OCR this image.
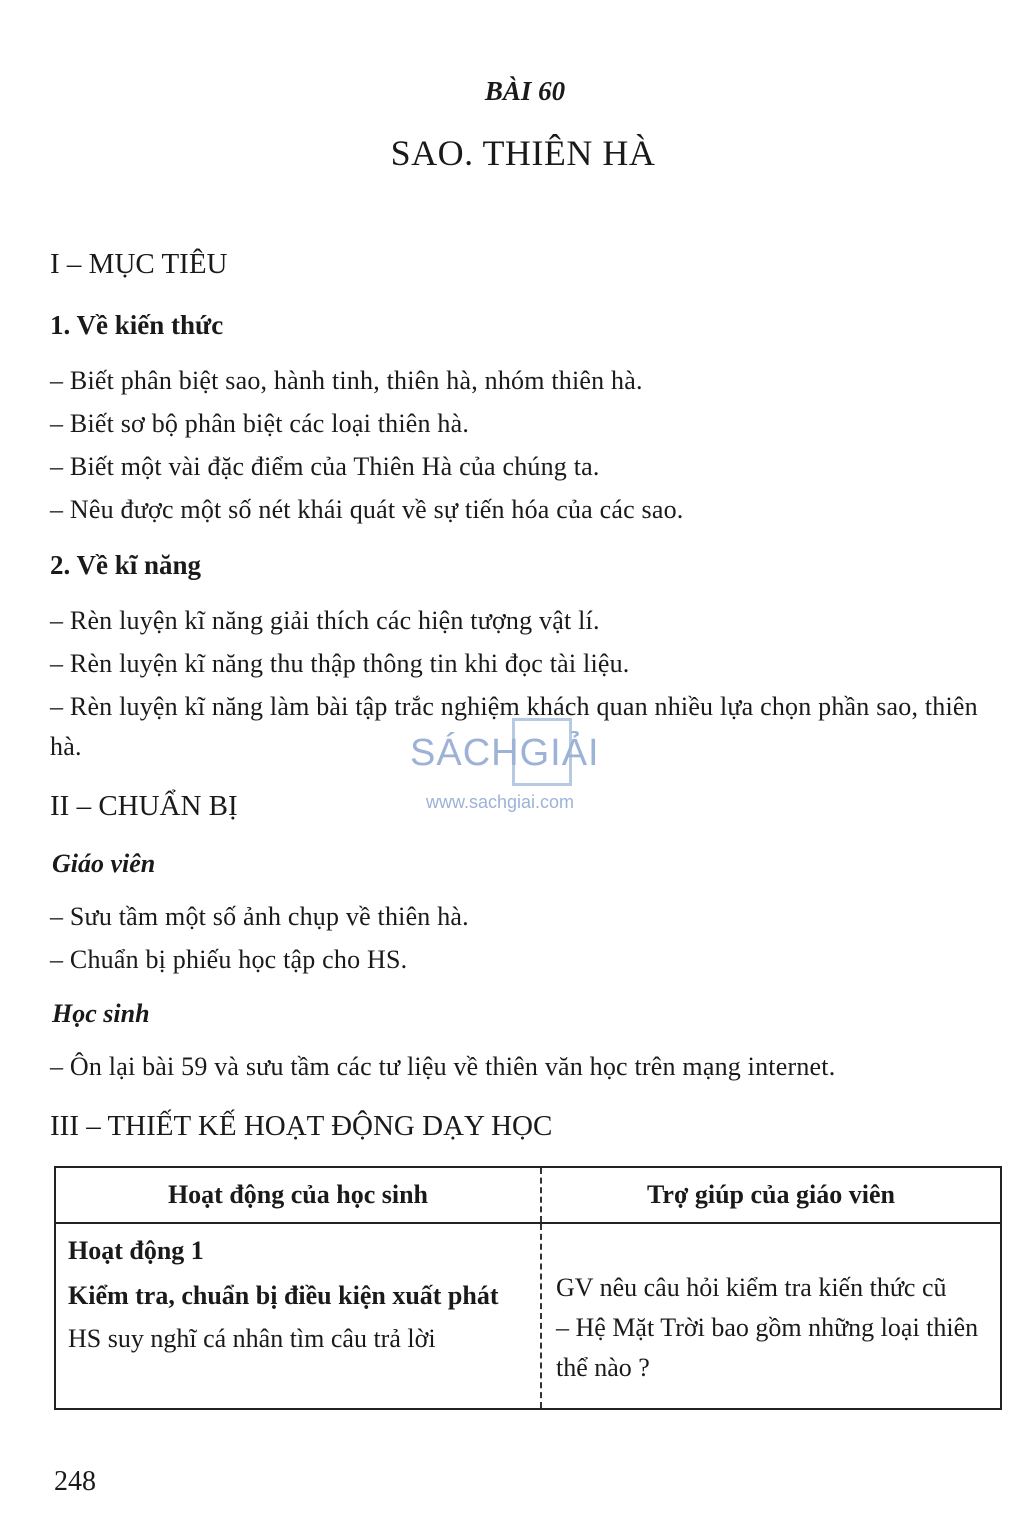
BÀI 60
SAO. THIÊN HÀ
I – MỤC TIÊU
1. Về kiến thức
– Biết phân biệt sao, hành tinh, thiên hà, nhóm thiên hà.
– Biết sơ bộ phân biệt các loại thiên hà.
– Biết một vài đặc điểm của Thiên Hà của chúng ta.
– Nêu được một số nét khái quát về sự tiến hóa của các sao.
2. Về kĩ năng
– Rèn luyện kĩ năng giải thích các hiện tượng vật lí.
– Rèn luyện kĩ năng thu thập thông tin khi đọc tài liệu.
– Rèn luyện kĩ năng làm bài tập trắc nghiệm khách quan nhiều lựa chọn phần sao, thiên hà.	SÁCHGIẢI
www.sachgiai.com
II – CHUẨN BỊ
Giáo viên
– Sưu tầm một số ảnh chụp về thiên hà.
– Chuẩn bị phiếu học tập cho HS.
Học sinh
– Ôn lại bài 59 và sưu tầm các tư liệu về thiên văn học trên mạng internet.
III – THIẾT KẾ HOẠT ĐỘNG DẠY HỌC
Hoạt động của học sinh	Trợ giúp của giáo viên

Hoạt động 1
Kiểm tra, chuẩn bị điều kiện xuất phát
HS suy nghĩ cá nhân tìm câu trả lời	GV nêu câu hỏi kiểm tra kiến thức cũ
– Hệ Mặt Trời bao gồm những loại thiên thể nào ?
248
